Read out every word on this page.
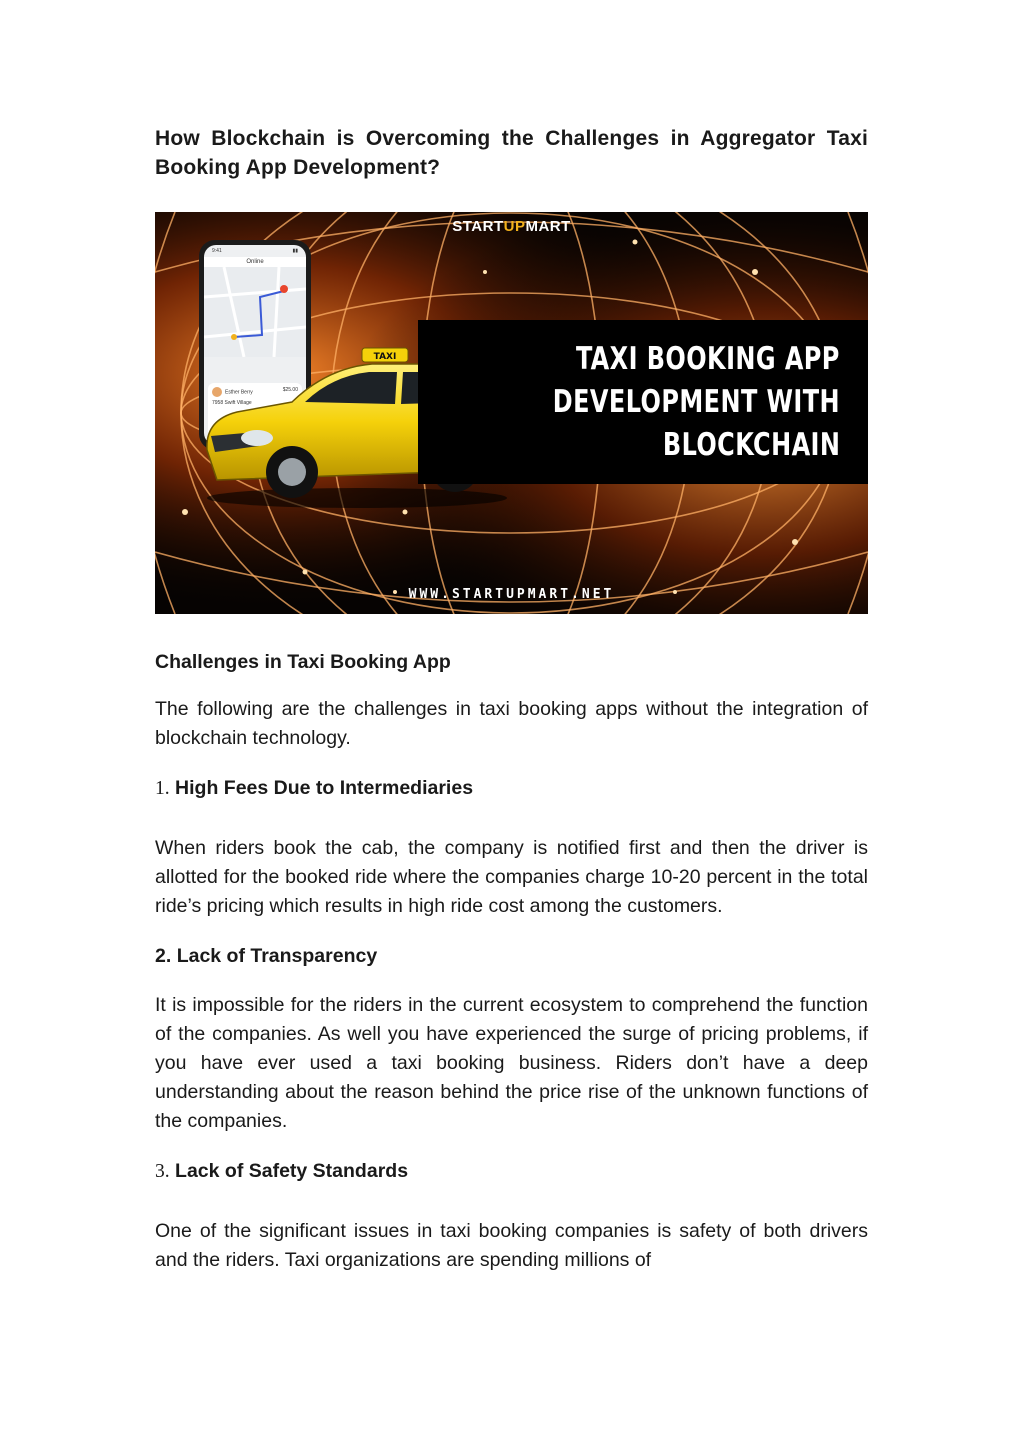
How Blockchain is Overcoming the Challenges in Aggregator Taxi Booking App Development?
STARTUPMART
9:41	▮▮
Online
Esther Berry	$25.00
7958 Swift Village
TAXI	TAXI BOOKING APP
DEVELOPMENT WITH
BLOCKCHAIN
WWW.STARTUPMART.NET
Challenges in Taxi Booking App

The following are the challenges in taxi booking apps without the integration of blockchain technology.

1. High Fees Due to Intermediaries

When riders book the cab, the company is notified first and then the driver is allotted for the booked ride where the companies charge 10-20 percent in the total ride’s pricing which results in high ride cost among the customers.

2. Lack of Transparency

It is impossible for the riders in the current ecosystem to comprehend the function of the companies. As well you have experienced the surge of pricing problems, if you have ever used a taxi booking business. Riders don’t have a deep understanding about the reason behind the price rise of the unknown functions of the companies.

3. Lack of Safety Standards

One of the significant issues in taxi booking companies is safety of both drivers and the riders. Taxi organizations are spending millions of
